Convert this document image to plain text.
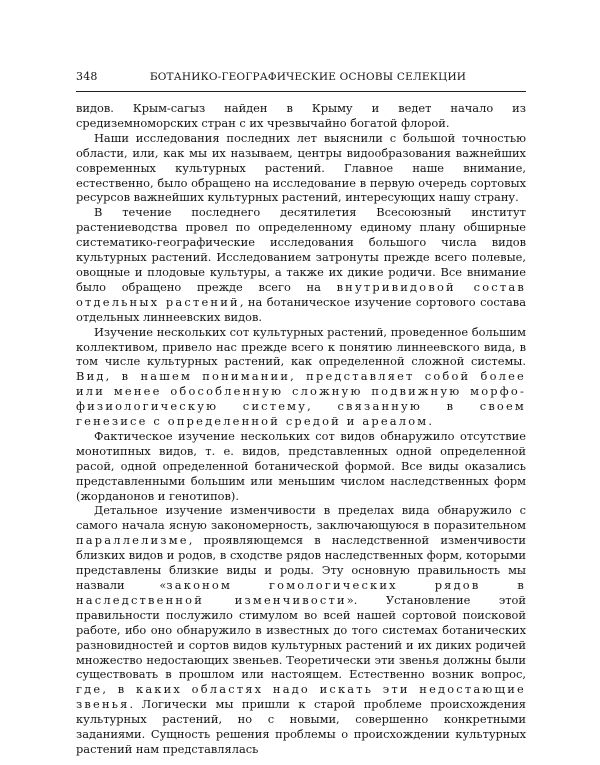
348	БОТАНИКО-ГЕОГРАФИЧЕСКИЕ ОСНОВЫ СЕЛЕКЦИИ

видов. Крым-сагыз найден в Крыму и ведет начало из средиземноморских стран с их чрезвычайно богатой флорой.

Наши исследования последних лет выяснили с большой точностью области, или, как мы их называем, центры видообразования важнейших современных культурных растений. Главное наше внимание, естественно, было обращено на исследование в первую очередь сортовых ресурсов важнейших культурных растений, интересующих нашу страну.

В течение последнего десятилетия Всесоюзный институт растениеводства провел по определенному единому плану обширные систематико-географические исследования большого числа видов культурных растений. Исследованием затронуты прежде всего полевые, овощные и плодовые культуры, а также их дикие родичи. Все внимание было обращено прежде всего на внутривидовой состав отдельных растений, на ботаническое изучение сортового состава отдельных линнеевских видов.

Изучение нескольких сот культурных растений, проведенное большим коллективом, привело нас прежде всего к понятию линнеевского вида, в том числе культурных растений, как определенной сложной системы. Вид, в нашем понимании, представляет собой более или менее обособленную сложную подвижную морфо-физиологическую систему, связанную в своем генезисе с определенной средой и ареалом.

Фактическое изучение нескольких сот видов обнаружило отсутствие монотипных видов, т. е. видов, представленных одной определенной расой, одной определенной ботанической формой. Все виды оказались представленными большим или меньшим числом наследственных форм (жорданонов и генотипов).

Детальное изучение изменчивости в пределах вида обнаружило с самого начала ясную закономерность, заключающуюся в поразительном параллелизме, проявляющемся в наследственной изменчивости близких видов и родов, в сходстве рядов наследственных форм, которыми представлены близкие виды и роды. Эту основную правильность мы назвали «законом гомологических рядов в наследственной изменчивости». Установление этой правильности послужило стимулом во всей нашей сортовой поисковой работе, ибо оно обнаружило в известных до того системах ботанических разновидностей и сортов видов культурных растений и их диких родичей множество недостающих звеньев. Теоретически эти звенья должны были существовать в прошлом или настоящем. Естественно возник вопрос, где, в каких областях надо искать эти недостающие звенья. Логически мы пришли к старой проблеме происхождения культурных растений, но с новыми, совершенно конкретными заданиями. Сущность решения проблемы о происхождении культурных растений нам представлялась
